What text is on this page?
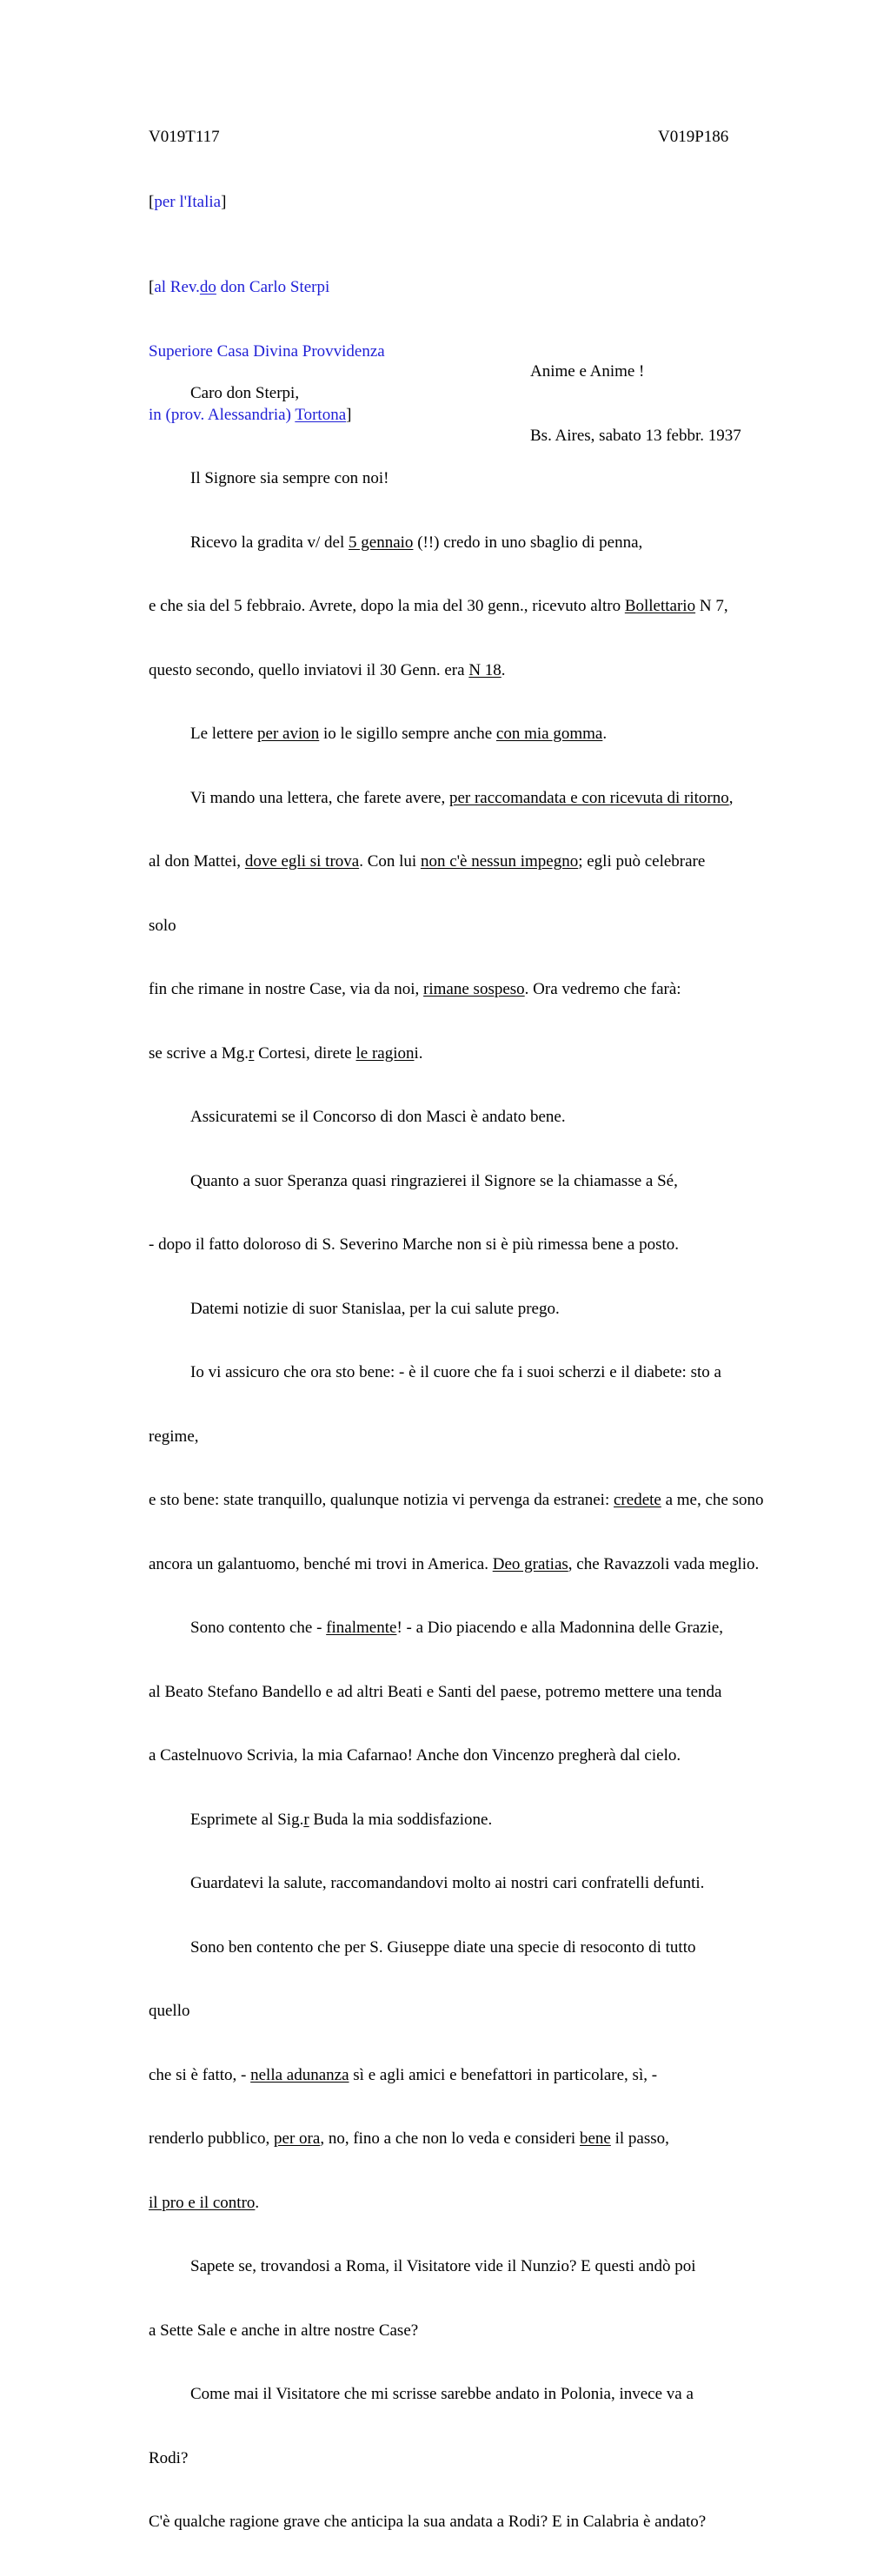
V019T117	V019P186
[per l'Italia]

[al Rev.do don Carlo Sterpi

Superiore Casa Divina Provvidenza

in (prov. Alessandria) Tortona]

Anime e Anime !

Bs. Aires, sabato 13 febbr. 1937

Caro don Sterpi,

Il Signore sia sempre con noi!

Ricevo la gradita v/ del 5 gennaio (!!) credo in uno sbaglio di penna,

e che sia del 5 febbraio. Avrete, dopo la mia del 30 genn., ricevuto altro Bollettario N 7,

questo secondo, quello inviatovi il 30 Genn. era N 18.

Le lettere per avion io le sigillo sempre anche con mia gomma.

Vi mando una lettera, che farete avere, per raccomandata e con ricevuta di ritorno,

al don Mattei, dove egli si trova. Con lui non c'è nessun impegno; egli può celebrare

solo

fin che rimane in nostre Case, via da noi, rimane sospeso. Ora vedremo che farà:

se scrive a Mg.r Cortesi, direte le ragioni.

Assicuratemi se il Concorso di don Masci è andato bene.

Quanto a suor Speranza quasi ringrazierei il Signore se la chiamasse a Sé,

- dopo il fatto doloroso di S. Severino Marche non si è più rimessa bene a posto.

Datemi notizie di suor Stanislaa, per la cui salute prego.

Io vi assicuro che ora sto bene: - è il cuore che fa i suoi scherzi e il diabete: sto a

regime,

e sto bene: state tranquillo, qualunque notizia vi pervenga da estranei: credete a me, che sono

ancora un galantuomo, benché mi trovi in America. Deo gratias, che Ravazzoli vada meglio.

Sono contento che - finalmente! - a Dio piacendo e alla Madonnina delle Grazie,

al Beato Stefano Bandello e ad altri Beati e Santi del paese, potremo mettere una tenda

a Castelnuovo Scrivia, la mia Cafarnao! Anche don Vincenzo pregherà dal cielo.

Esprimete al Sig.r Buda la mia soddisfazione.

Guardatevi la salute, raccomandandovi molto ai nostri cari confratelli defunti.

Sono ben contento che per S. Giuseppe diate una specie di resoconto di tutto

quello

che si è fatto, - nella adunanza sì e agli amici e benefattori in particolare, sì, -

renderlo pubblico, per ora, no, fino a che non lo veda e consideri bene il passo,

il pro e il contro.

Sapete se, trovandosi a Roma, il Visitatore vide il Nunzio? E questi andò poi

a Sette Sale e anche in altre nostre Case?

Come mai il Visitatore che mi scrisse sarebbe andato in Polonia, invece va a

Rodi?

C'è qualche ragione grave che anticipa la sua andata a Rodi? E in Calabria è andato?
